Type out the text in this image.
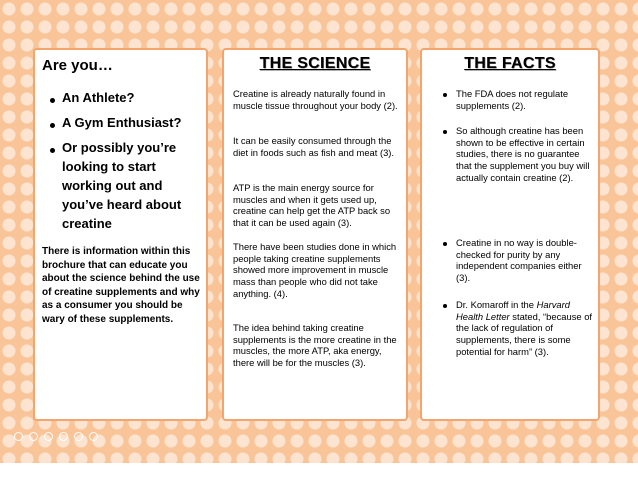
Are you…

An Athlete?

A Gym Enthusiast?

Or possibly you’re looking to start working out and you’ve heard about creatine

There is information within this brochure that can educate you about the science behind the use of creatine supplements and why as a consumer you should be wary of these supplements.

THE SCIENCE

Creatine is already naturally found in muscle tissue throughout your body (2).

It can be easily consumed through the diet in foods such as fish and meat (3).

ATP is the main energy source for muscles and when it gets used up, creatine can help get the ATP back so that it can be used again (3).

There have been studies done in which people taking creatine supplements showed more improvement in muscle mass than people who did not take anything. (4).

The idea behind taking creatine supplements is the more creatine in the muscles, the more ATP, aka energy, there will be for the muscles (3).

THE FACTS

The FDA does not regulate supplements (2).

So although creatine has been shown to be effective in certain studies, there is no guarantee that the supplement you buy will actually contain creatine (2).

Creatine in no way is double-checked for purity by any independent companies either (3).

Dr. Komaroff in the Harvard Health Letter stated, “because of the lack of regulation of supplements, there is some potential for harm” (3).
